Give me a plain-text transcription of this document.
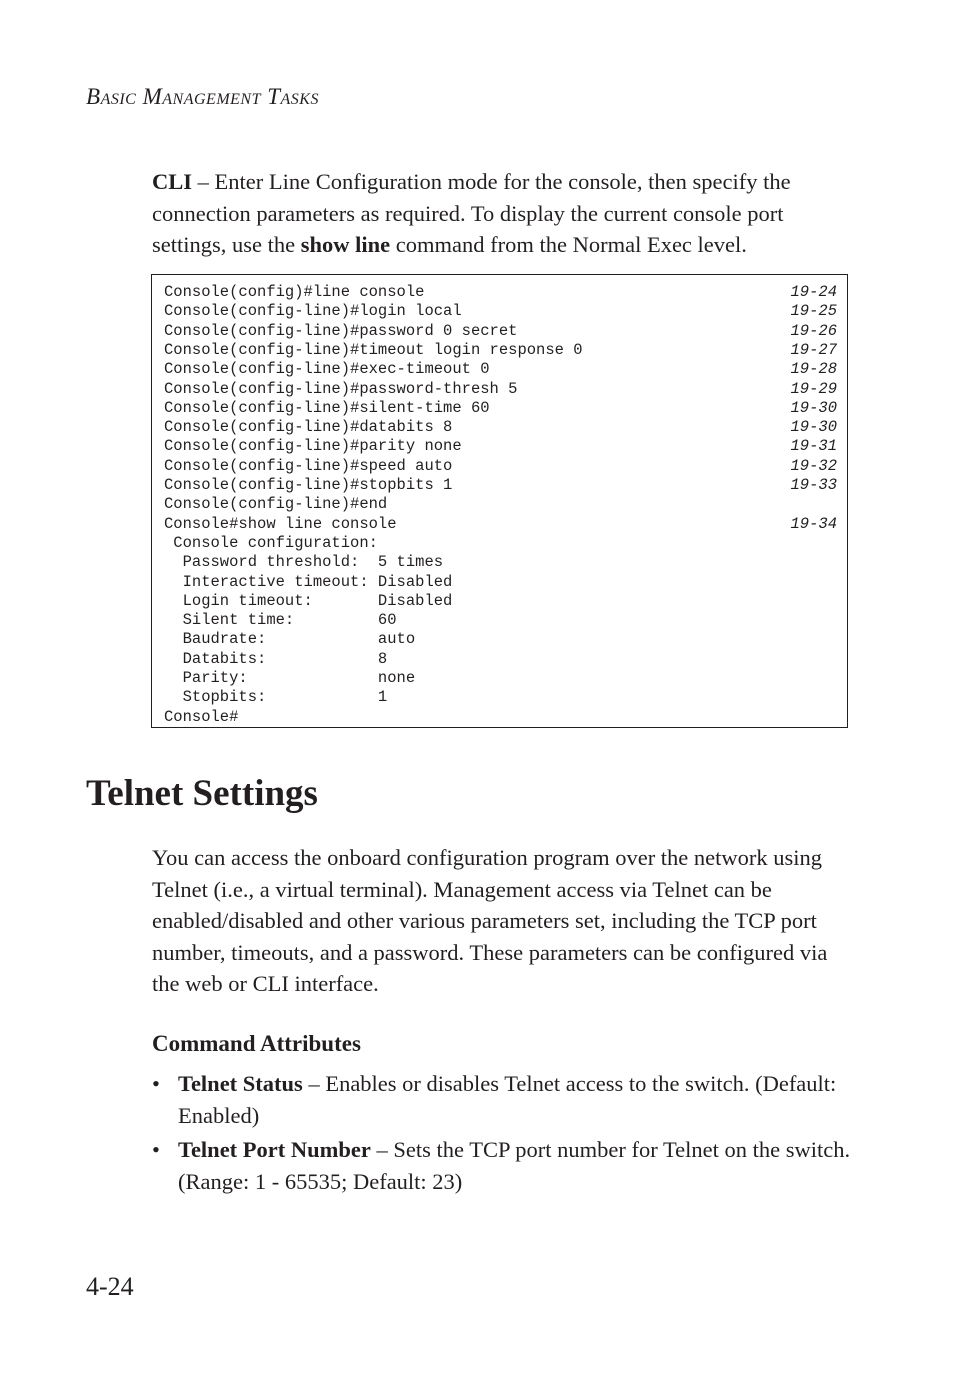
BASIC MANAGEMENT TASKS
CLI – Enter Line Configuration mode for the console, then specify the connection parameters as required. To display the current console port settings, use the show line command from the Normal Exec level.
Console(config)#line console	19-24
Console(config-line)#login local	19-25
Console(config-line)#password 0 secret	19-26
Console(config-line)#timeout login response 0	19-27
Console(config-line)#exec-timeout 0	19-28
Console(config-line)#password-thresh 5	19-29
Console(config-line)#silent-time 60	19-30
Console(config-line)#databits 8	19-30
Console(config-line)#parity none	19-31
Console(config-line)#speed auto	19-32
Console(config-line)#stopbits 1	19-33
Console(config-line)#end
Console#show line console	19-34
Console configuration:
Password threshold:  5 times
Interactive timeout: Disabled
Login timeout:       Disabled
Silent time:         60
Baudrate:            auto
Databits:            8
Parity:              none
Stopbits:            1
Console#
Telnet Settings
You can access the onboard configuration program over the network using Telnet (i.e., a virtual terminal). Management access via Telnet can be enabled/disabled and other various parameters set, including the TCP port number, timeouts, and a password. These parameters can be configured via the web or CLI interface.
Command Attributes
• Telnet Status – Enables or disables Telnet access to the switch. (Default: Enabled)
• Telnet Port Number – Sets the TCP port number for Telnet on the switch. (Range: 1 - 65535; Default: 23)
4-24
